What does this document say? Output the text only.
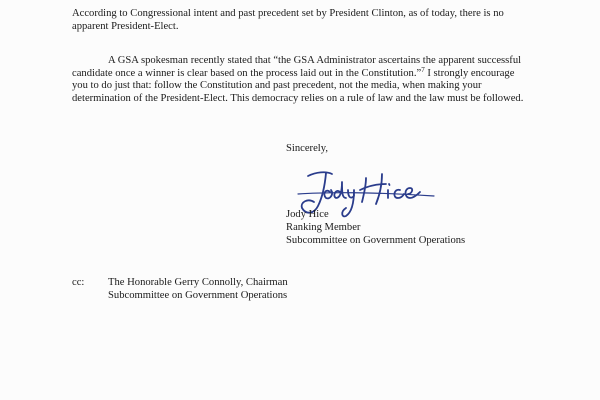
According to Congressional intent and past precedent set by President Clinton, as of today, there is no apparent President-Elect.

A GSA spokesman recently stated that “the GSA Administrator ascertains the apparent successful candidate once a winner is clear based on the process laid out in the Constitution.”$^7$ I strongly encourage you to do just that: follow the Constitution and past precedent, not the media, when making your determination of the President-Elect. This democracy relies on a rule of law and the law must be followed.

Sincerely,
Jody Hice
Ranking Member
Subcommittee on Government Operations
cc: The Honorable Gerry Connolly, Chairman
Subcommittee on Government Operations
